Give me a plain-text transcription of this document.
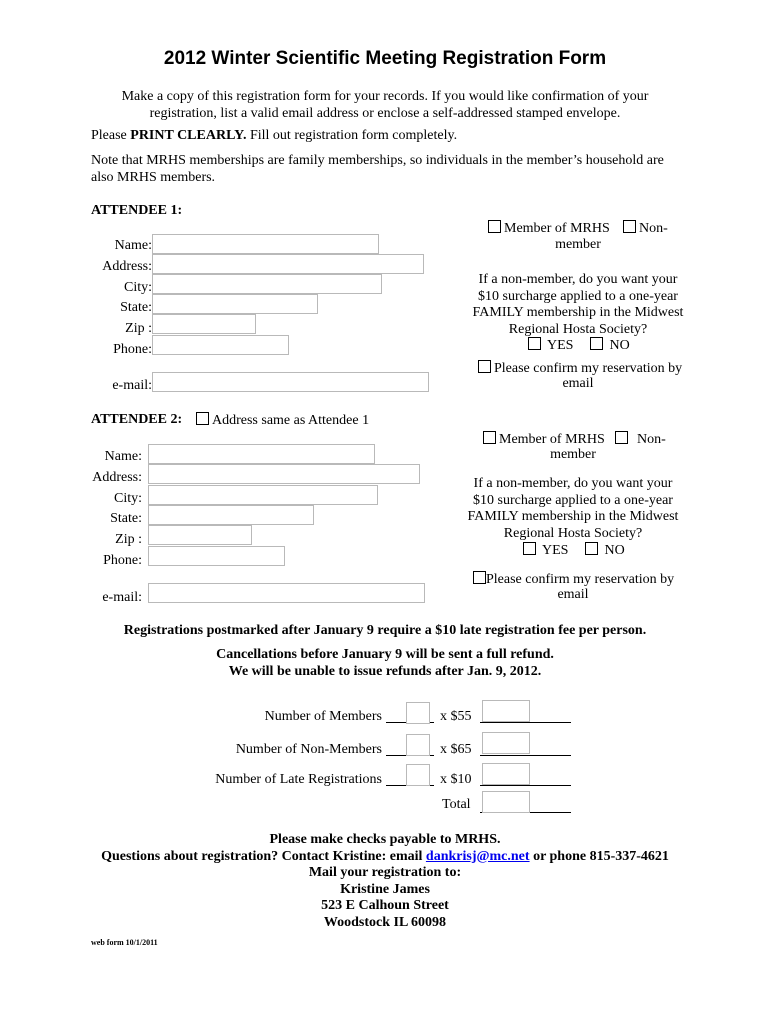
2012 Winter Scientific Meeting Registration Form
Make a copy of this registration form for your records. If you would like confirmation of your
registration, list a valid email address or enclose a self-addressed stamped envelope.
Please PRINT CLEARLY. Fill out registration form completely.
Note that MRHS memberships are family memberships, so individuals in the member’s household are
also MRHS members.
ATTENDEE 1:
Name:
Address:
City:
State:
Zip :
Phone:
e-mail:
Member of MRHS	Non-
member
If a non-member, do you want your
$10 surcharge applied to a one-year
FAMILY membership in the Midwest
Regional Hosta Society?
YES	NO
Please confirm my reservation by
email
ATTENDEE 2:	Address same as Attendee 1
Name:
Address:
City:
State:
Zip :
Phone:
e-mail:
Member of MRHS	Non-
member
If a non-member, do you want your
$10 surcharge applied to a one-year
FAMILY membership in the Midwest
Regional Hosta Society?
YES	NO
Please confirm my reservation by
email
Registrations postmarked after January 9 require a $10 late registration fee per person.
Cancellations before January 9 will be sent a full refund.
We will be unable to issue refunds after Jan. 9, 2012.
Number of Members	x $55
Number of Non-Members	x $65
Number of Late Registrations	x $10
Total
Please make checks payable to MRHS.
Questions about registration? Contact Kristine: email dankrisj@mc.net or phone 815-337-4621
Mail your registration to:
Kristine James
523 E Calhoun Street
Woodstock IL 60098
web form 10/1/2011
